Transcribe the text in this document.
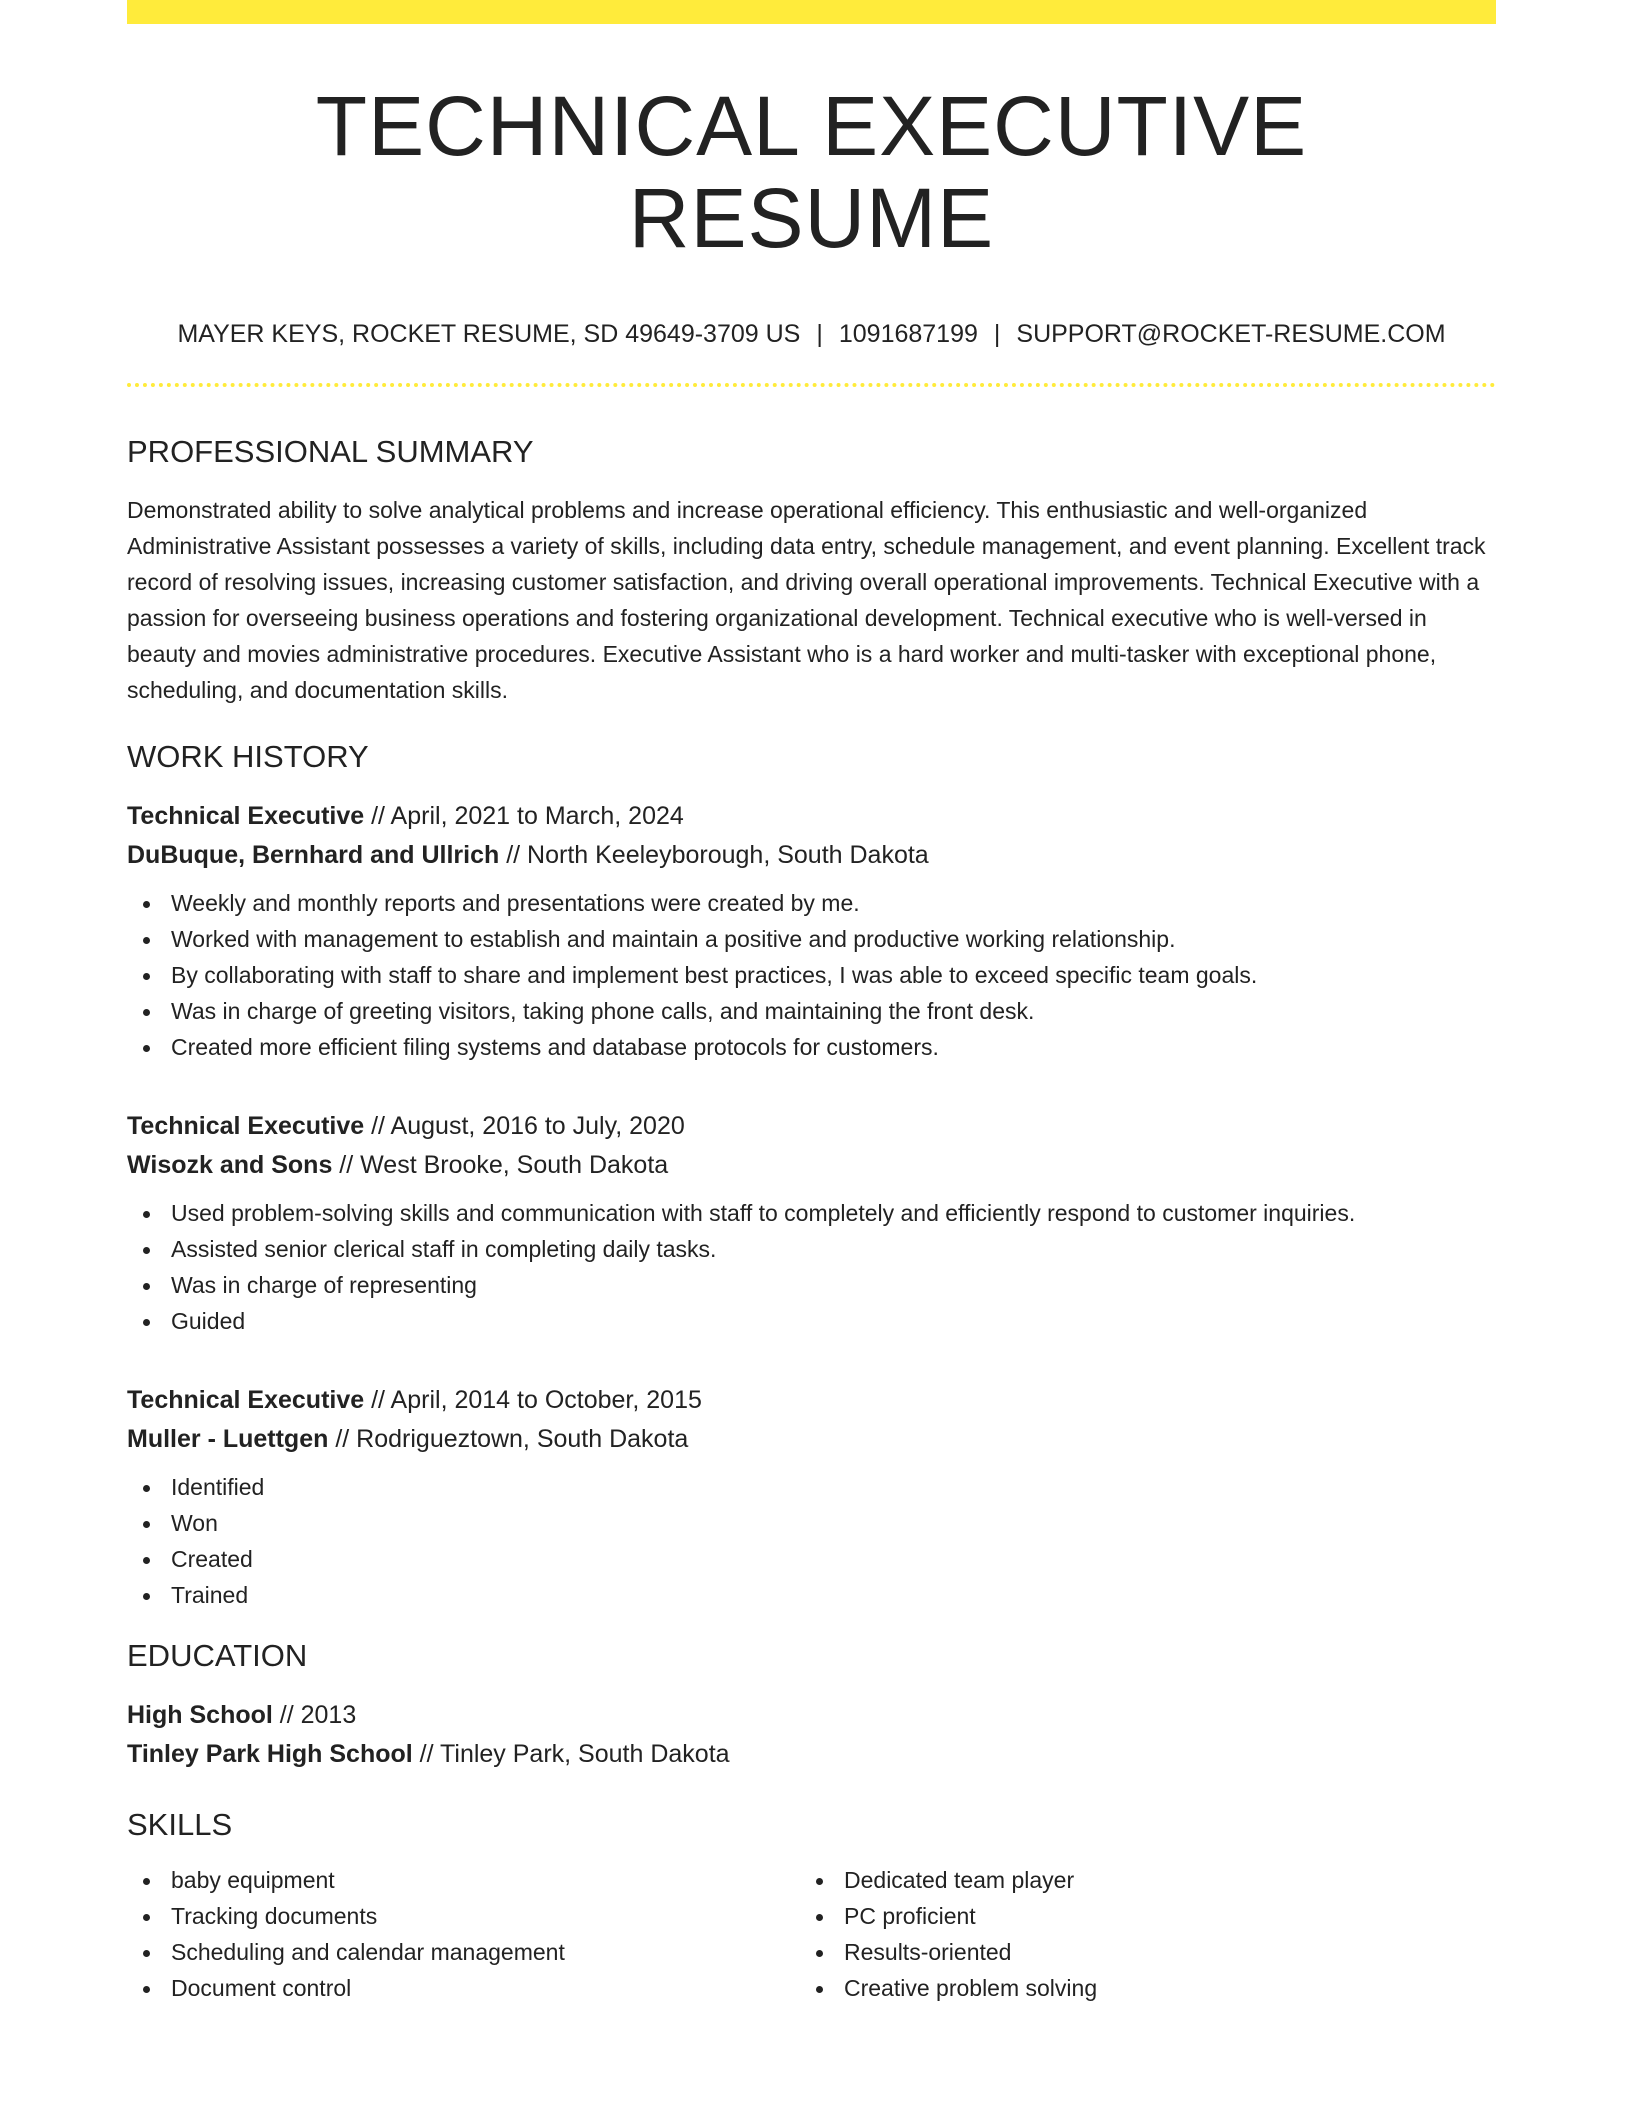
TECHNICAL EXECUTIVE RESUME
MAYER KEYS, ROCKET RESUME, SD 49649-3709 US | 1091687199 | SUPPORT@ROCKET-RESUME.COM
PROFESSIONAL SUMMARY
Demonstrated ability to solve analytical problems and increase operational efficiency. This enthusiastic and well-organized Administrative Assistant possesses a variety of skills, including data entry, schedule management, and event planning. Excellent track record of resolving issues, increasing customer satisfaction, and driving overall operational improvements. Technical Executive with a passion for overseeing business operations and fostering organizational development. Technical executive who is well-versed in beauty and movies administrative procedures. Executive Assistant who is a hard worker and multi-tasker with exceptional phone, scheduling, and documentation skills.
WORK HISTORY
Technical Executive // April, 2021 to March, 2024
DuBuque, Bernhard and Ullrich // North Keeleyborough, South Dakota
Weekly and monthly reports and presentations were created by me.
Worked with management to establish and maintain a positive and productive working relationship.
By collaborating with staff to share and implement best practices, I was able to exceed specific team goals.
Was in charge of greeting visitors, taking phone calls, and maintaining the front desk.
Created more efficient filing systems and database protocols for customers.
Technical Executive // August, 2016 to July, 2020
Wisozk and Sons // West Brooke, South Dakota
Used problem-solving skills and communication with staff to completely and efficiently respond to customer inquiries.
Assisted senior clerical staff in completing daily tasks.
Was in charge of representing
Guided
Technical Executive // April, 2014 to October, 2015
Muller - Luettgen // Rodrigueztown, South Dakota
Identified
Won
Created
Trained
EDUCATION
High School // 2013
Tinley Park High School // Tinley Park, South Dakota
SKILLS
baby equipment
Tracking documents
Scheduling and calendar management
Document control
Dedicated team player
PC proficient
Results-oriented
Creative problem solving
